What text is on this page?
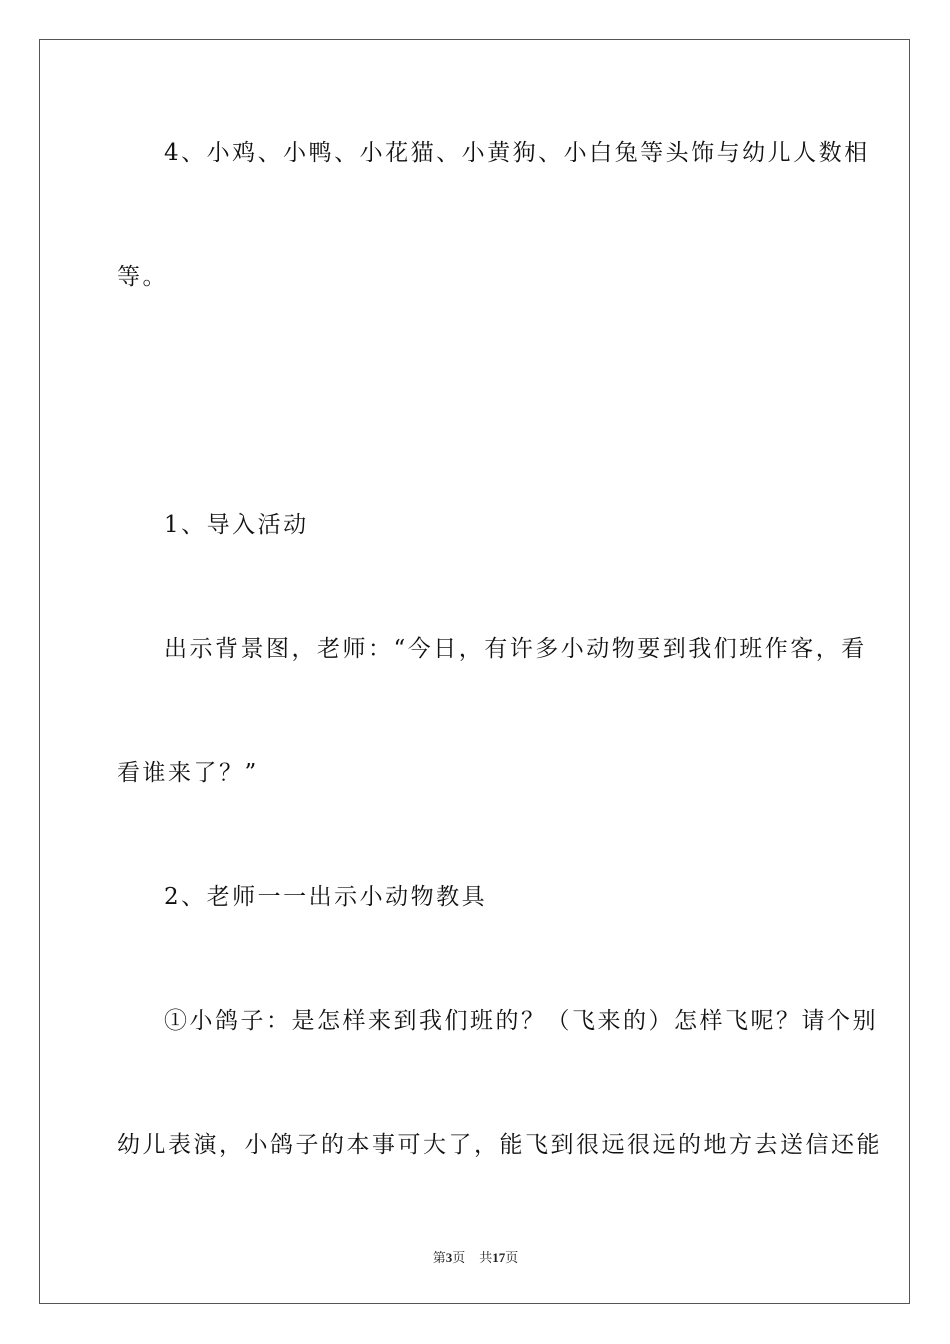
4、小鸡、小鸭、小花猫、小黄狗、小白兔等头饰与幼儿人数相
等。
1、导入活动
出示背景图，老师：“今日，有许多小动物要到我们班作客，看
看谁来了？”
2、老师一一出示小动物教具
①小鸽子：是怎样来到我们班的？（飞来的）怎样飞呢？请个别
幼儿表演，小鸽子的本事可大了，能飞到很远很远的地方去送信还能
第3页 共17页
